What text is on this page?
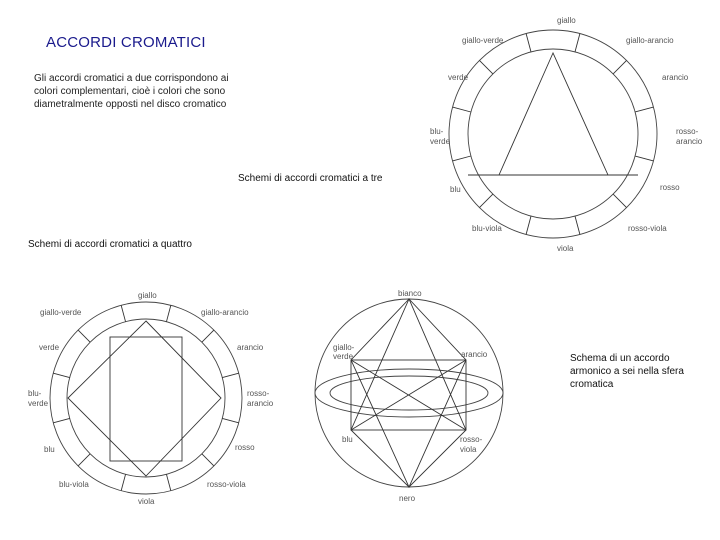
ACCORDI CROMATICI
Gli accordi cromatici a due corrispondono ai colori complementari, cioè i colori che sono diametralmente opposti nel disco cromatico
Schemi di accordi cromatici a tre
Schemi di accordi cromatici a quattro
Schema di un accordo armonico a sei nella sfera cromatica
giallo
giallo-verde	giallo-arancio
verde	arancio
blu-
verde
rosso-
arancio
blu	rosso
blu-viola	rosso-viola
viola
giallo
giallo-verde	giallo-arancio
verde	arancio
blu-
verde
rosso-
arancio
blu	rosso
blu-viola	rosso-viola
viola
bianco
giallo-
verde	arancio
blu	rosso-
viola
nero
